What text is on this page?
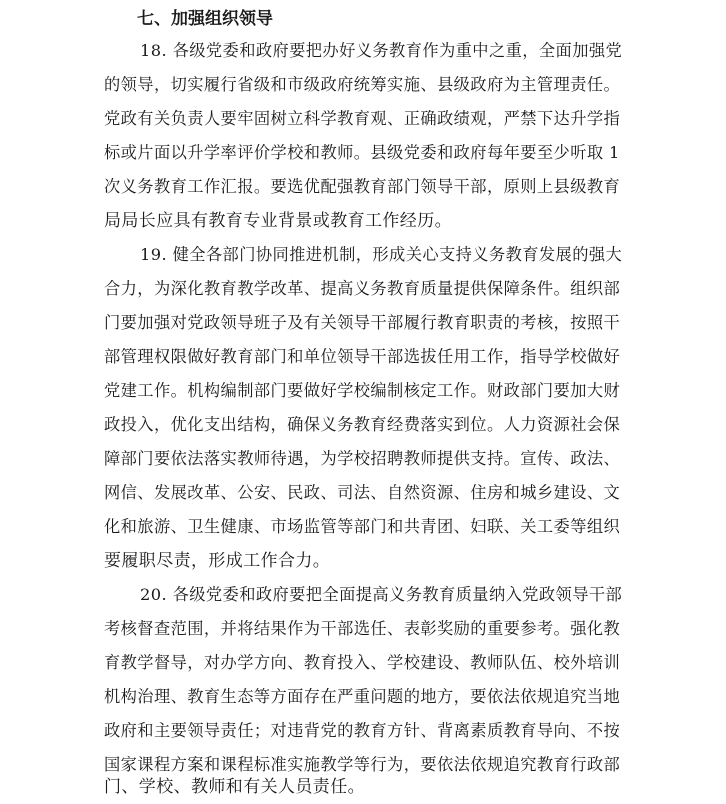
七、加强组织领导
18. 各级党委和政府要把办好义务教育作为重中之重，全面加强党
的领导，切实履行省级和市级政府统筹实施、县级政府为主管理责任。
党政有关负责人要牢固树立科学教育观、正确政绩观，严禁下达升学指
标或片面以升学率评价学校和教师。县级党委和政府每年要至少听取 1
次义务教育工作汇报。要选优配强教育部门领导干部，原则上县级教育
局局长应具有教育专业背景或教育工作经历。
19. 健全各部门协同推进机制，形成关心支持义务教育发展的强大
合力，为深化教育教学改革、提高义务教育质量提供保障条件。组织部
门要加强对党政领导班子及有关领导干部履行教育职责的考核，按照干
部管理权限做好教育部门和单位领导干部选拔任用工作，指导学校做好
党建工作。机构编制部门要做好学校编制核定工作。财政部门要加大财
政投入，优化支出结构，确保义务教育经费落实到位。人力资源社会保
障部门要依法落实教师待遇，为学校招聘教师提供支持。宣传、政法、
网信、发展改革、公安、民政、司法、自然资源、住房和城乡建设、文
化和旅游、卫生健康、市场监管等部门和共青团、妇联、关工委等组织
要履职尽责，形成工作合力。
20. 各级党委和政府要把全面提高义务教育质量纳入党政领导干部
考核督查范围，并将结果作为干部选任、表彰奖励的重要参考。强化教
育教学督导，对办学方向、教育投入、学校建设、教师队伍、校外培训
机构治理、教育生态等方面存在严重问题的地方，要依法依规追究当地
政府和主要领导责任；对违背党的教育方针、背离素质教育导向、不按
国家课程方案和课程标准实施教学等行为，要依法依规追究教育行政部
门、学校、教师和有关人员责任。
